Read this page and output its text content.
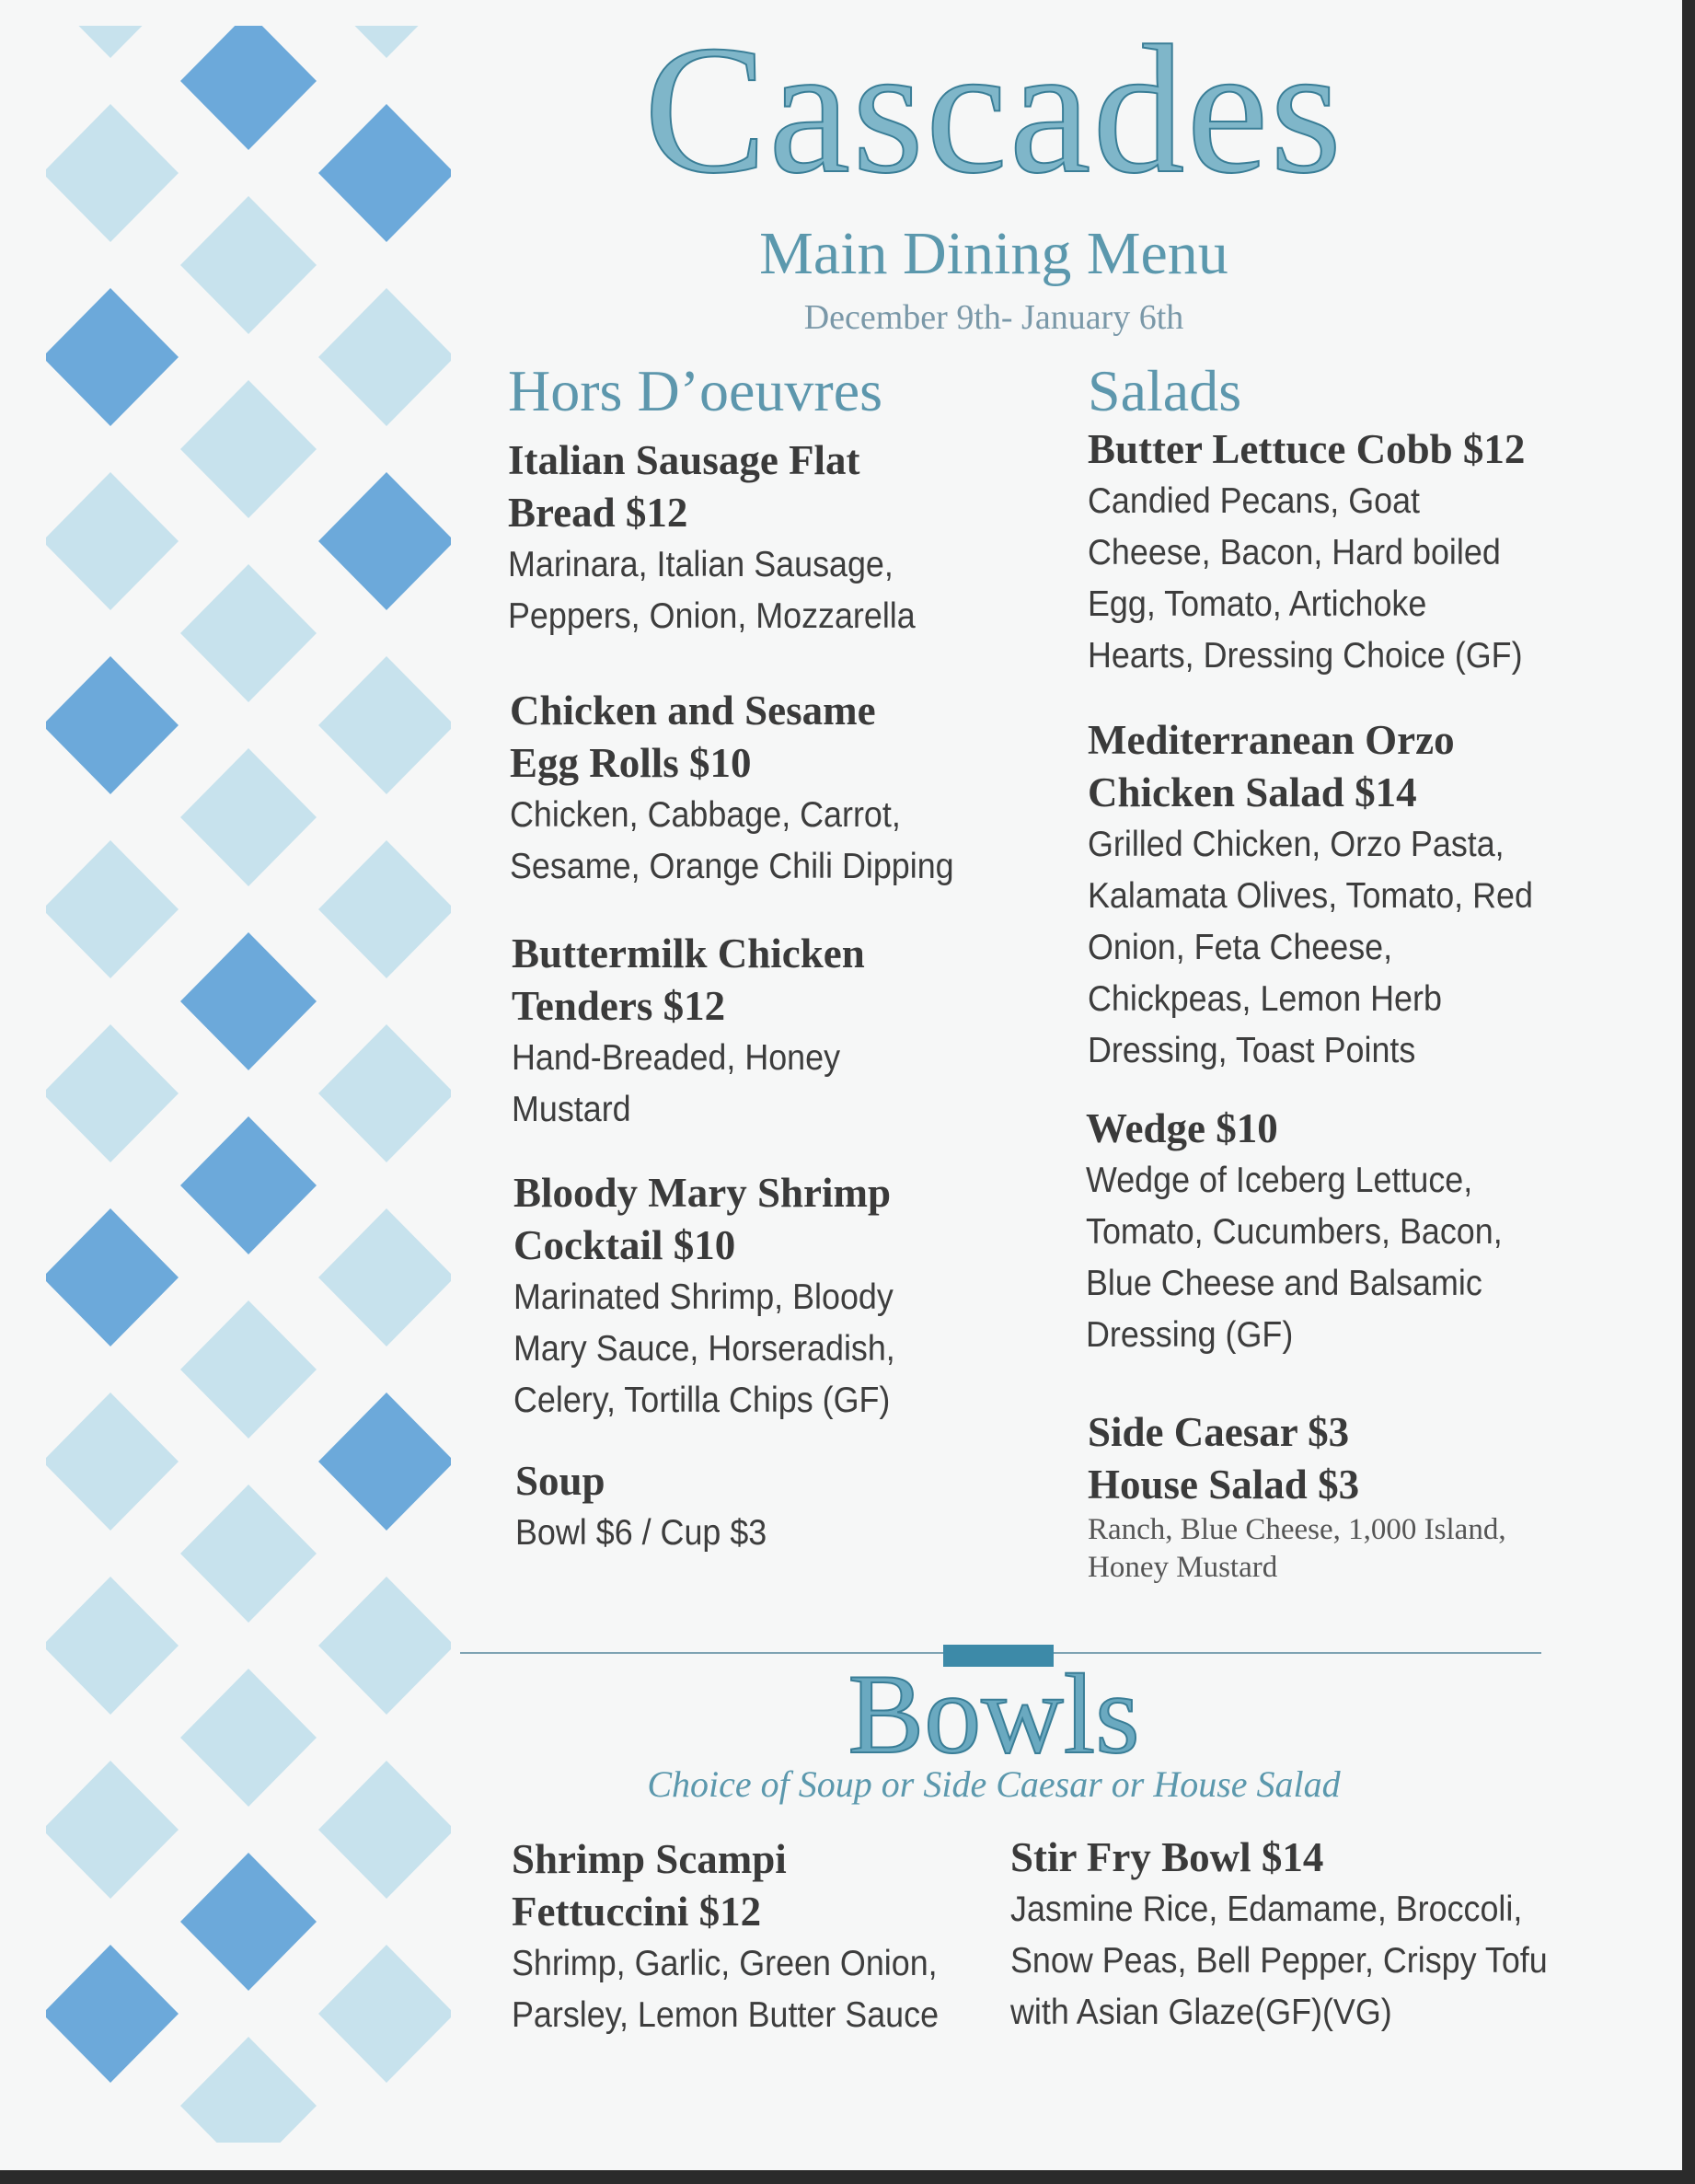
Cascades
Main Dining Menu
December 9th- January 6th
Hors D’oeuvres
Italian Sausage Flat
Bread $12
Marinara, Italian Sausage,
Peppers, Onion, Mozzarella
Chicken and Sesame
Egg Rolls $10
Chicken, Cabbage, Carrot,
Sesame, Orange Chili Dipping
Buttermilk Chicken
Tenders $12
Hand-Breaded, Honey
Mustard
Bloody Mary Shrimp
Cocktail $10
Marinated Shrimp, Bloody
Mary Sauce, Horseradish,
Celery, Tortilla Chips (GF)
Soup
Bowl $6 / Cup $3
Salads
Butter Lettuce Cobb $12
Candied Pecans, Goat
Cheese, Bacon, Hard boiled
Egg, Tomato, Artichoke
Hearts, Dressing Choice (GF)
Mediterranean Orzo
Chicken Salad $14
Grilled Chicken, Orzo Pasta,
Kalamata Olives, Tomato, Red
Onion, Feta Cheese,
Chickpeas, Lemon Herb
Dressing, Toast Points
Wedge $10
Wedge of Iceberg Lettuce,
Tomato, Cucumbers, Bacon,
Blue Cheese and Balsamic
Dressing (GF)
Side Caesar $3
House Salad $3
Ranch, Blue Cheese, 1,000 Island,
Honey Mustard
Bowls
Choice of Soup or Side Caesar or House Salad
Shrimp Scampi
Fettuccini $12
Shrimp, Garlic, Green Onion,
Parsley, Lemon Butter Sauce
Stir Fry Bowl $14
Jasmine Rice, Edamame, Broccoli,
Snow Peas, Bell Pepper, Crispy Tofu
with Asian Glaze(GF)(VG)
